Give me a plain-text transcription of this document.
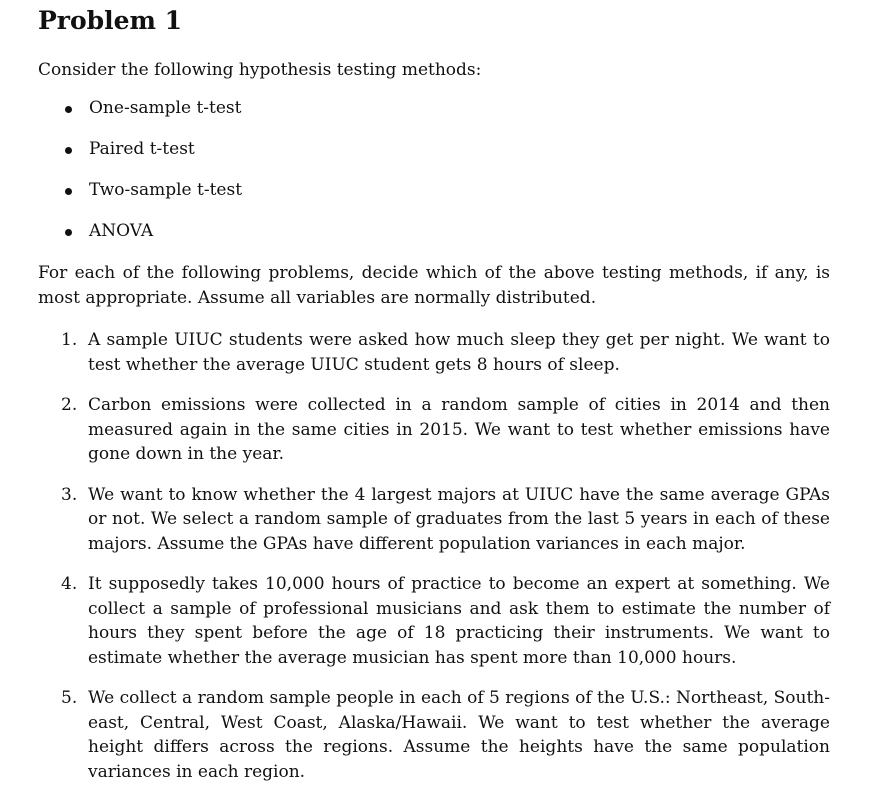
Problem 1

Consider the following hypothesis testing methods:

One-sample t-test
Paired t-test
Two-sample t-test
ANOVA

For each of the following problems, decide which of the above testing methods, if any, is most appropriate. Assume all variables are normally distributed.

1. A sample UIUC students were asked how much sleep they get per night. We want to test whether the average UIUC student gets 8 hours of sleep.
2. Carbon emissions were collected in a random sample of cities in 2014 and then measured again in the same cities in 2015. We want to test whether emissions have gone down in the year.
3. We want to know whether the 4 largest majors at UIUC have the same average GPAs or not. We select a random sample of graduates from the last 5 years in each of these majors. Assume the GPAs have different population variances in each major.
4. It supposedly takes 10,000 hours of practice to become an expert at something. We collect a sample of professional musicians and ask them to estimate the number of hours they spent before the age of 18 practicing their instruments. We want to estimate whether the average musician has spent more than 10,000 hours.
5. We collect a random sample people in each of 5 regions of the U.S.: Northeast, South-east, Central, West Coast, Alaska/Hawaii. We want to test whether the average height differs across the regions. Assume the heights have the same population variances in each region.
